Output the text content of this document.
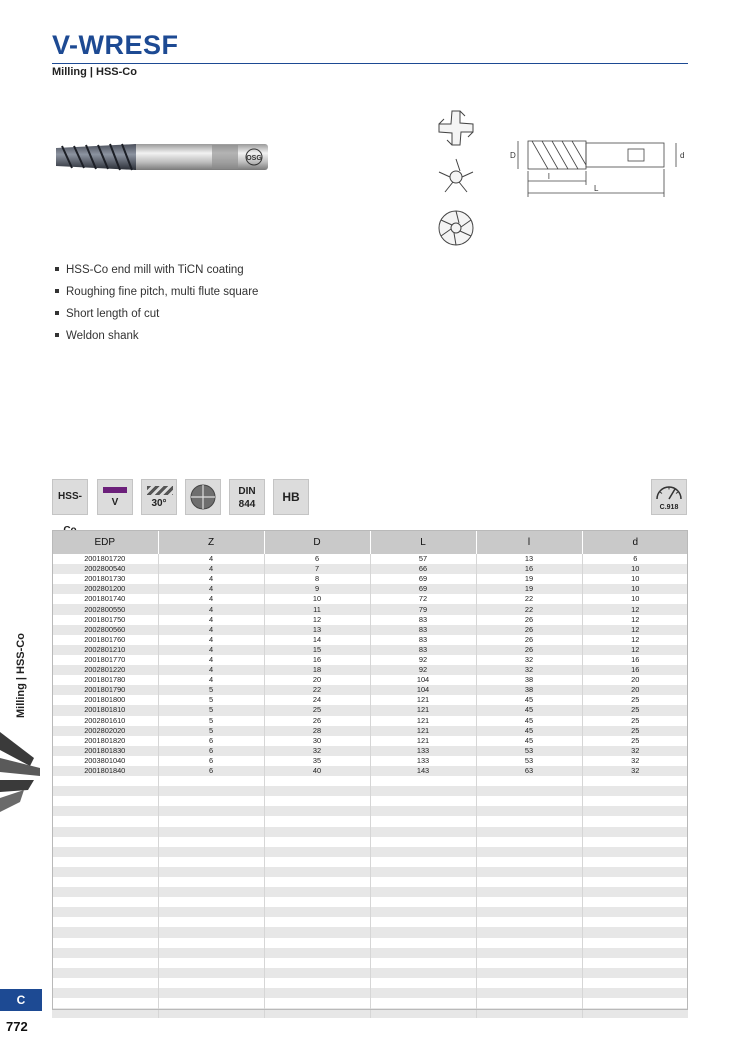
V-WRESF
Milling | HSS-Co
OSG	D	d
l
L
HSS-Co end mill with TiCN coating
Roughing fine pitch, multi flute square
Short length of cut
Weldon shank
HSS-
V	30°
DIN
844
HB
C.918
EDP	Z	D	L	l	d
2001801720	4	6	57	13	6
2002800540	4	7	66	16	10
2001801730	4	8	69	19	10
2002801200	4	9	69	19	10
2001801740	4	10	72	22	10
2002800550	4	11	79	22	12
2001801750	4	12	83	26	12
2002800560	4	13	83	26	12
2001801760	4	14	83	26	12
2002801210	4	15	83	26	12
2001801770	4	16	92	32	16
2002801220	4	18	92	32	16
2001801780	4	20	104	38	20
2001801790	5	22	104	38	20
2001801800	5	24	121	45	25
2001801810	5	25	121	45	25
2002801610	5	26	121	45	25
2002802020	5	28	121	45	25
2001801820	6	30	121	45	25
2001801830	6	32	133	53	32
2003801040	6	35	133	53	32
2001801840	6	40	143	63	32

Milling | HSS-Co
C
772
